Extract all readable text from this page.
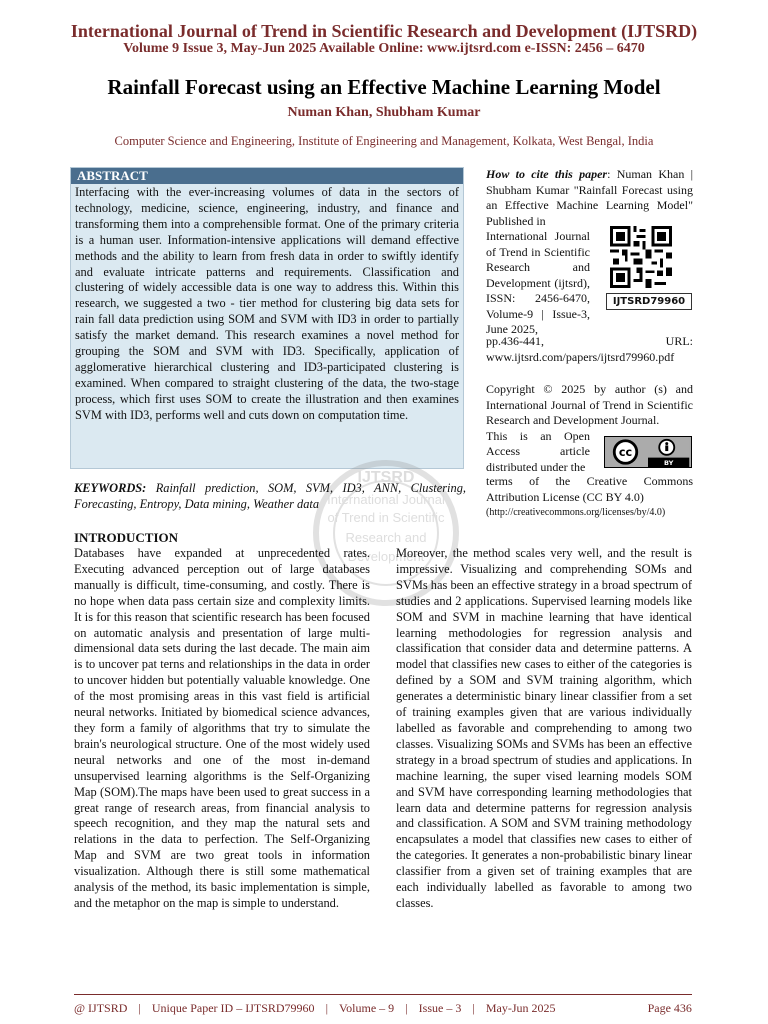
International Journal of Trend in Scientific Research and Development (IJTSRD)
Volume 9 Issue 3, May-Jun 2025 Available Online: www.ijtsrd.com e-ISSN: 2456 – 6470
Rainfall Forecast using an Effective Machine Learning Model
Numan Khan, Shubham Kumar
Computer Science and Engineering, Institute of Engineering and Management, Kolkata, West Bengal, India
ABSTRACT
Interfacing with the ever-increasing volumes of data in the sectors of technology, medicine, science, engineering, industry, and finance and transforming them into a comprehensible format. One of the primary criteria is a human user. Information-intensive applications will demand effective methods and the ability to learn from fresh data in order to swiftly identify and evaluate intricate patterns and requirements. Classification and clustering of widely accessible data is one way to address this. Within this research, we suggested a two - tier method for clustering big data sets for rain fall data prediction using SOM and SVM with ID3 in order to partially satisfy the market demand. This research examines a novel method for grouping the SOM and SVM with ID3. Specifically, application of agglomerative hierarchical clustering and ID3-participated clustering is examined. When compared to straight clustering of the data, the two-stage process, which first uses SOM to create the illustration and then examines SVM with ID3, performs well and cuts down on computation time.
IJTSRD
International Journal
of Trend in Scientific
Research and
Development
KEYWORDS: Rainfall prediction, SOM, SVM, ID3, ANN, Clustering, Forecasting, Entropy, Data mining, Weather data
INTRODUCTION
Databases have expanded at unprecedented rates. Executing advanced perception out of large databases manually is difficult, time-consuming, and costly. There is no hope when data pass certain size and complexity limits. It is for this reason that scientific research has been focused on automatic analysis and presentation of large multi-dimensional data sets during the last decade. The main aim is to uncover pat terns and relationships in the data in order to uncover hidden but potentially valuable knowledge. One of the most promising areas in this vast field is artificial neural networks. Initiated by biomedical science advances, they form a family of algorithms that try to simulate the brain's neurological structure. One of the most widely used neural networks and one of the most in-demand unsupervised learning algorithms is the Self-Organizing Map (SOM).The maps have been used to great success in a great range of research areas, from financial analysis to speech recognition, and they map the natural sets and relations in the data to perfection. The Self-Organizing Map and SVM are two great tools in information visualization. Although there is still some mathematical analysis of the method, its basic implementation is simple, and the metaphor on the map is simple to understand.
Moreover, the method scales very well, and the result is impressive. Visualizing and comprehending SOMs and SVMs has been an effective strategy in a broad spectrum of studies and 2 applications. Supervised learning models like SOM and SVM in machine learning that have identical learning methodologies for regression analysis and classification that consider data and determine patterns. A model that classifies new cases to either of the categories is defined by a SOM and SVM training algorithm, which generates a deterministic binary linear classifier from a set of training examples given that are various individually labelled as favorable and comprehending to among two classes. Visualizing SOMs and SVMs has been an effective strategy in a broad spectrum of studies and applications. In machine learning, the super vised learning models SOM and SVM have corresponding learning methodologies that learn data and determine patterns for regression analysis and classification. A SOM and SVM training methodology encapsulates a model that classifies new cases to either of the categories. It generates a non-probabilistic binary linear classifier from a given set of training examples that are each individually labelled as favorable to among two classes.
How to cite this paper: Numan Khan | Shubham Kumar "Rainfall Forecast using an Effective Machine Learning Model" Published in
International Journal of Trend in Scientific Research and Development (ijtsrd), ISSN: 2456-6470, Volume-9 | Issue-3, June 2025,
IJTSRD79960
pp.436-441,	URL:
www.ijtsrd.com/papers/ijtsrd79960.pdf
Copyright © 2025 by author (s) and International Journal of Trend in Scientific Research and Development Journal.
This is an Open Access article distributed under the
cc
BY
terms of the Creative Commons Attribution License (CC BY 4.0)
(http://creativecommons.org/licenses/by/4.0)
@ IJTSRD | Unique Paper ID – IJTSRD79960 | Volume – 9 | Issue – 3 | May-Jun 2025	Page 436
